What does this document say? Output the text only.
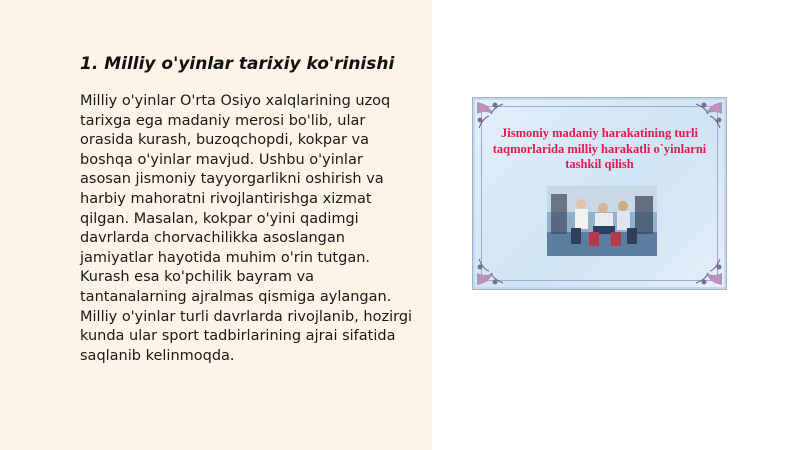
1. Milliy o'yinlar tarixiy ko'rinishi

Milliy o'yinlar O'rta Osiyo xalqlarining uzoq tarixga ega madaniy merosi bo'lib, ular orasida kurash, buzoqchopdi, kokpar va boshqa o'yinlar mavjud. Ushbu o'yinlar asosan jismoniy tayyorgarlikni oshirish va harbiy mahoratni rivojlantirishga xizmat qilgan. Masalan, kokpar o'yini qadimgi davrlarda chorvachilikka asoslangan jamiyatlar hayotida muhim o'rin tutgan. Kurash esa ko'pchilik bayram va tantanalarning ajralmas qismiga aylangan. Milliy o'yinlar turli davrlarda rivojlanib, hozirgi kunda ular sport tadbirlarining ajrai sifatida saqlanib kelinmoqda.

Jismoniy madaniy harakatining turli taqmorlarida milliy harakatli o`yinlarni tashkil qilish
